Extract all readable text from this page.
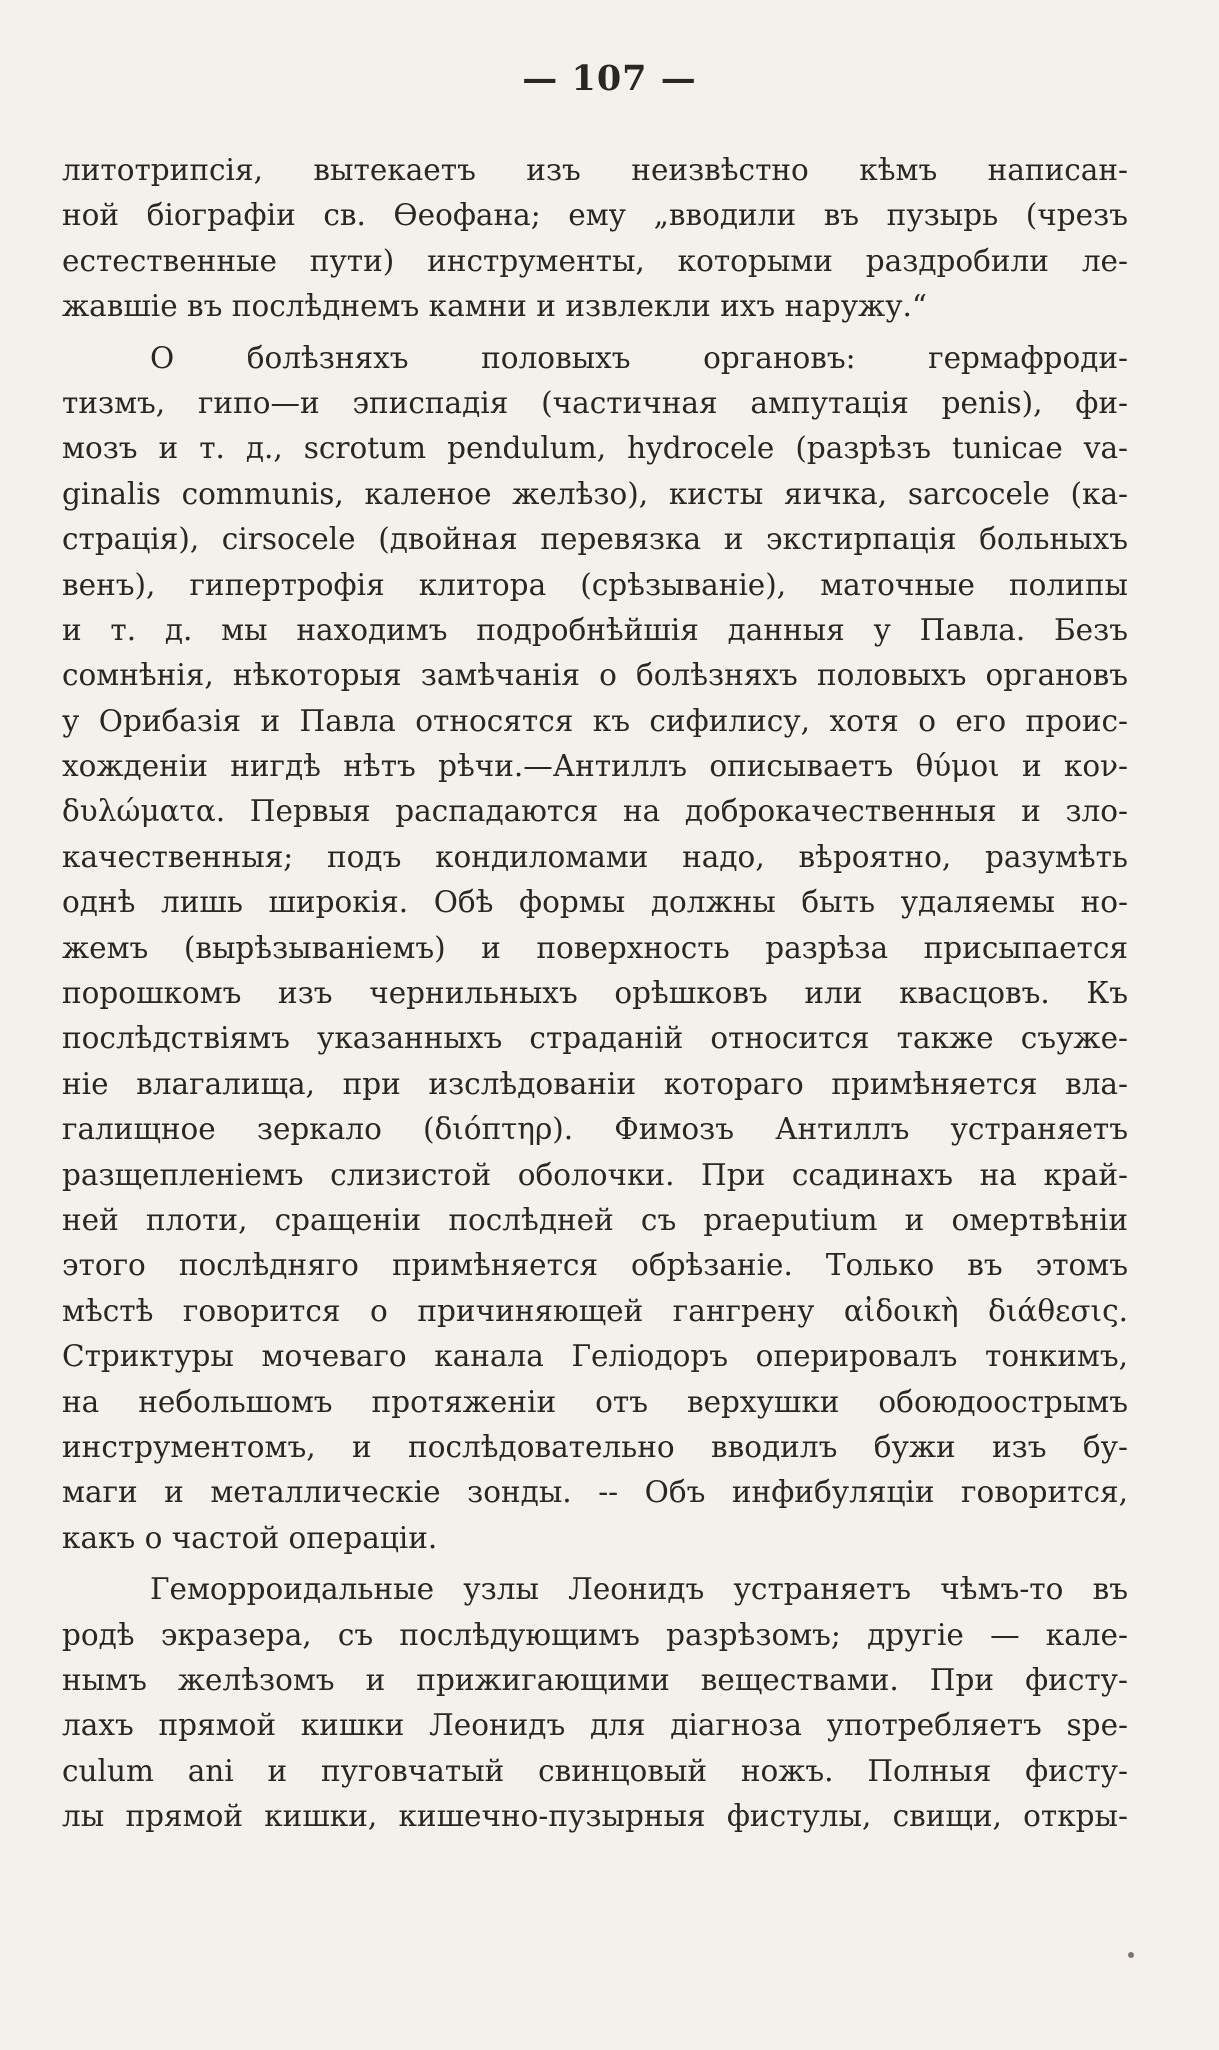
— 107 —
литотрипсія, вытекаетъ изъ неизвѣстно кѣмъ написан-
ной біографіи св. Ѳеофана; ему „вводили въ пузырь (чрезъ
естественные пути) инструменты, которыми раздробили ле-
жавшіе въ послѣднемъ камни и извлекли ихъ наружу.“
О болѣзняхъ половыхъ органовъ: гермафроди-
тизмъ, гипо—и эписпадія (частичная ампутація penis), фи-
мозъ и т. д., scrotum pendulum, hydrocele (разрѣзъ tunicae va-
ginalis communis, каленое желѣзо), кисты яичка, sarcocele (ка-
страція), cirsocele (двойная перевязка и экстирпація больныхъ
венъ), гипертрофія клитора (срѣзываніе), маточные полипы
и т. д. мы находимъ подробнѣйшія данныя у Павла. Безъ
сомнѣнія, нѣкоторыя замѣчанія о болѣзняхъ половыхъ органовъ
у Орибазія и Павла относятся къ сифилису, хотя о его проис-
хожденіи нигдѣ нѣтъ рѣчи.—Антиллъ описываетъ θύμοι и κον-
δυλώματα. Первыя распадаются на доброкачественныя и зло-
качественныя; подъ кондиломами надо, вѣроятно, разумѣть
однѣ лишь широкія. Обѣ формы должны быть удаляемы но-
жемъ (вырѣзываніемъ) и поверхность разрѣза присыпается
порошкомъ изъ чернильныхъ орѣшковъ или квасцовъ. Къ
послѣдствіямъ указанныхъ страданій относится также съуже-
ніе влагалища, при изслѣдованіи котораго примѣняется вла-
галищное зеркало (διόπτηρ). Фимозъ Антиллъ устраняетъ
разщепленіемъ слизистой оболочки. При ссадинахъ на край-
ней плоти, сращеніи послѣдней съ praeputium и омертвѣніи
этого послѣдняго примѣняется обрѣзаніе. Только въ этомъ
мѣстѣ говорится о причиняющей гангрену αἰδοικὴ διάθεσις.
Стриктуры мочеваго канала Геліодоръ оперировалъ тонкимъ,
на небольшомъ протяженіи отъ верхушки обоюдоострымъ
инструментомъ, и послѣдовательно вводилъ бужи изъ бу-
маги и металлическіе зонды. -- Объ инфибуляціи говорится,
какъ о частой операціи.
Геморроидальные узлы Леонидъ устраняетъ чѣмъ-то въ
родѣ экразера, съ послѣдующимъ разрѣзомъ; другіе — кале-
нымъ желѣзомъ и прижигающими веществами. При фисту-
лахъ прямой кишки Леонидъ для діагноза употребляетъ spe-
culum ani и пуговчатый свинцовый ножъ. Полныя фисту-
лы прямой кишки, кишечно-пузырныя фистулы, свищи, откры-
